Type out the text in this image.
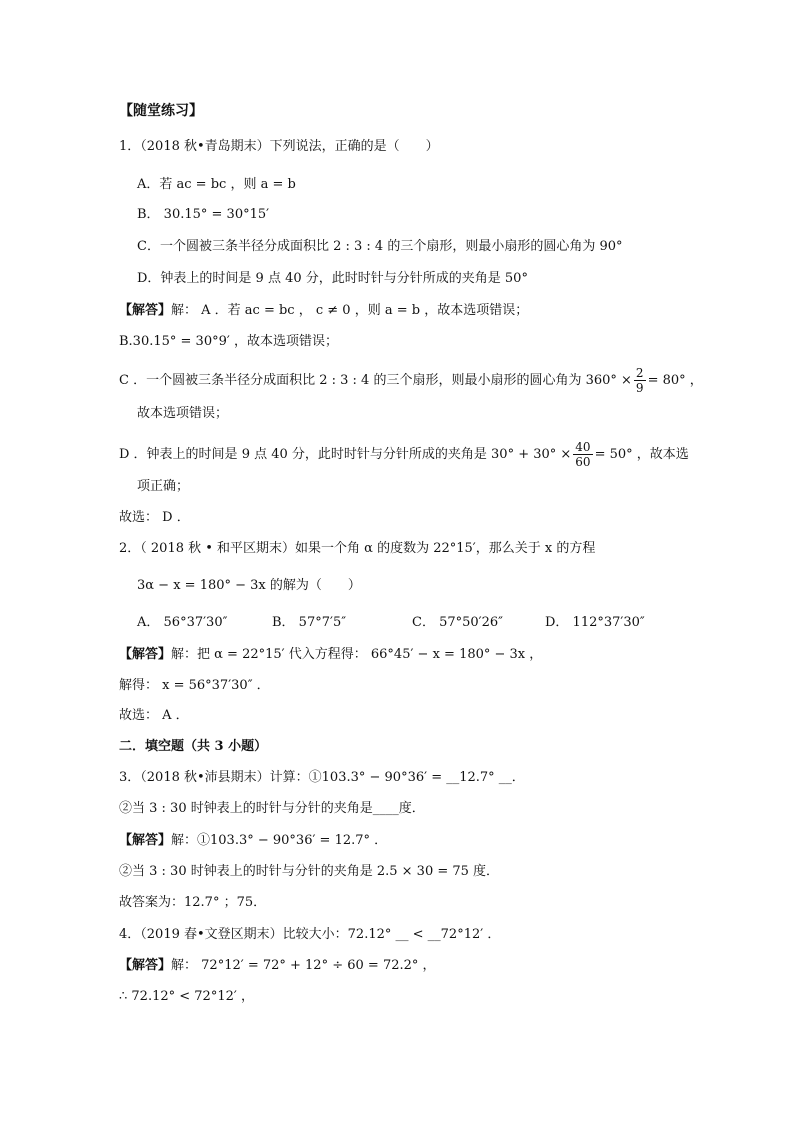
【随堂练习】
1．（2018 秋•青岛期末）下列说法，正确的是（　　）
A．若 ac = bc ，则 a = b
B． 30.15° = 30°15′
C．一个圆被三条半径分成面积比 2 : 3 : 4 的三个扇形，则最小扇形的圆心角为 90°
D．钟表上的时间是 9 点 40 分，此时时针与分针所成的夹角是 50°
【解答】解： A ．若 ac = bc ， c ≠ 0 ，则 a = b ，故本选项错误；
B.30.15° = 30°9′ ，故本选项错误；
C ．一个圆被三条半径分成面积比 2 : 3 : 4 的三个扇形，则最小扇形的圆心角为 $360^\circ \times \frac{2}{9} = 80^\circ$ ，
故本选项错误；
D ．钟表上的时间是 9 点 40 分，此时时针与分针所成的夹角是 $30^\circ + 30^\circ \times \frac{40}{60} = 50^\circ$ ，故本选
项正确；
故选： D ．
2．（ 2018 秋 • 和平区期末）如果一个角 α 的度数为 22°15′，那么关于 x 的方程
3α − x = 180° − 3x 的解为（　　）
A． 56°37′30″	B． 57°7′5″	C． 57°50′26″	D． 112°37′30″
【解答】解：把 α = 22°15′ 代入方程得： 66°45′ − x = 180° − 3x ，
解得： x = 56°37′30″ ．
故选： A ．
二．填空题（共 3 小题）
3．（2018 秋•沛县期末）计算：①103.3° − 90°36′ = __12.7° __．
②当 3 : 30 时钟表上的时针与分针的夹角是____度．
【解答】解：①103.3° − 90°36′ = 12.7° ．
②当 3 : 30 时钟表上的时针与分针的夹角是 2.5 × 30 = 75 度．
故答案为：12.7° ；75．
4．（2019 春•文登区期末）比较大小：72.12° __ < __72°12′ ．
【解答】解： 72°12′ = 72° + 12° ÷ 60 = 72.2° ，
∴ 72.12° < 72°12′ ，
